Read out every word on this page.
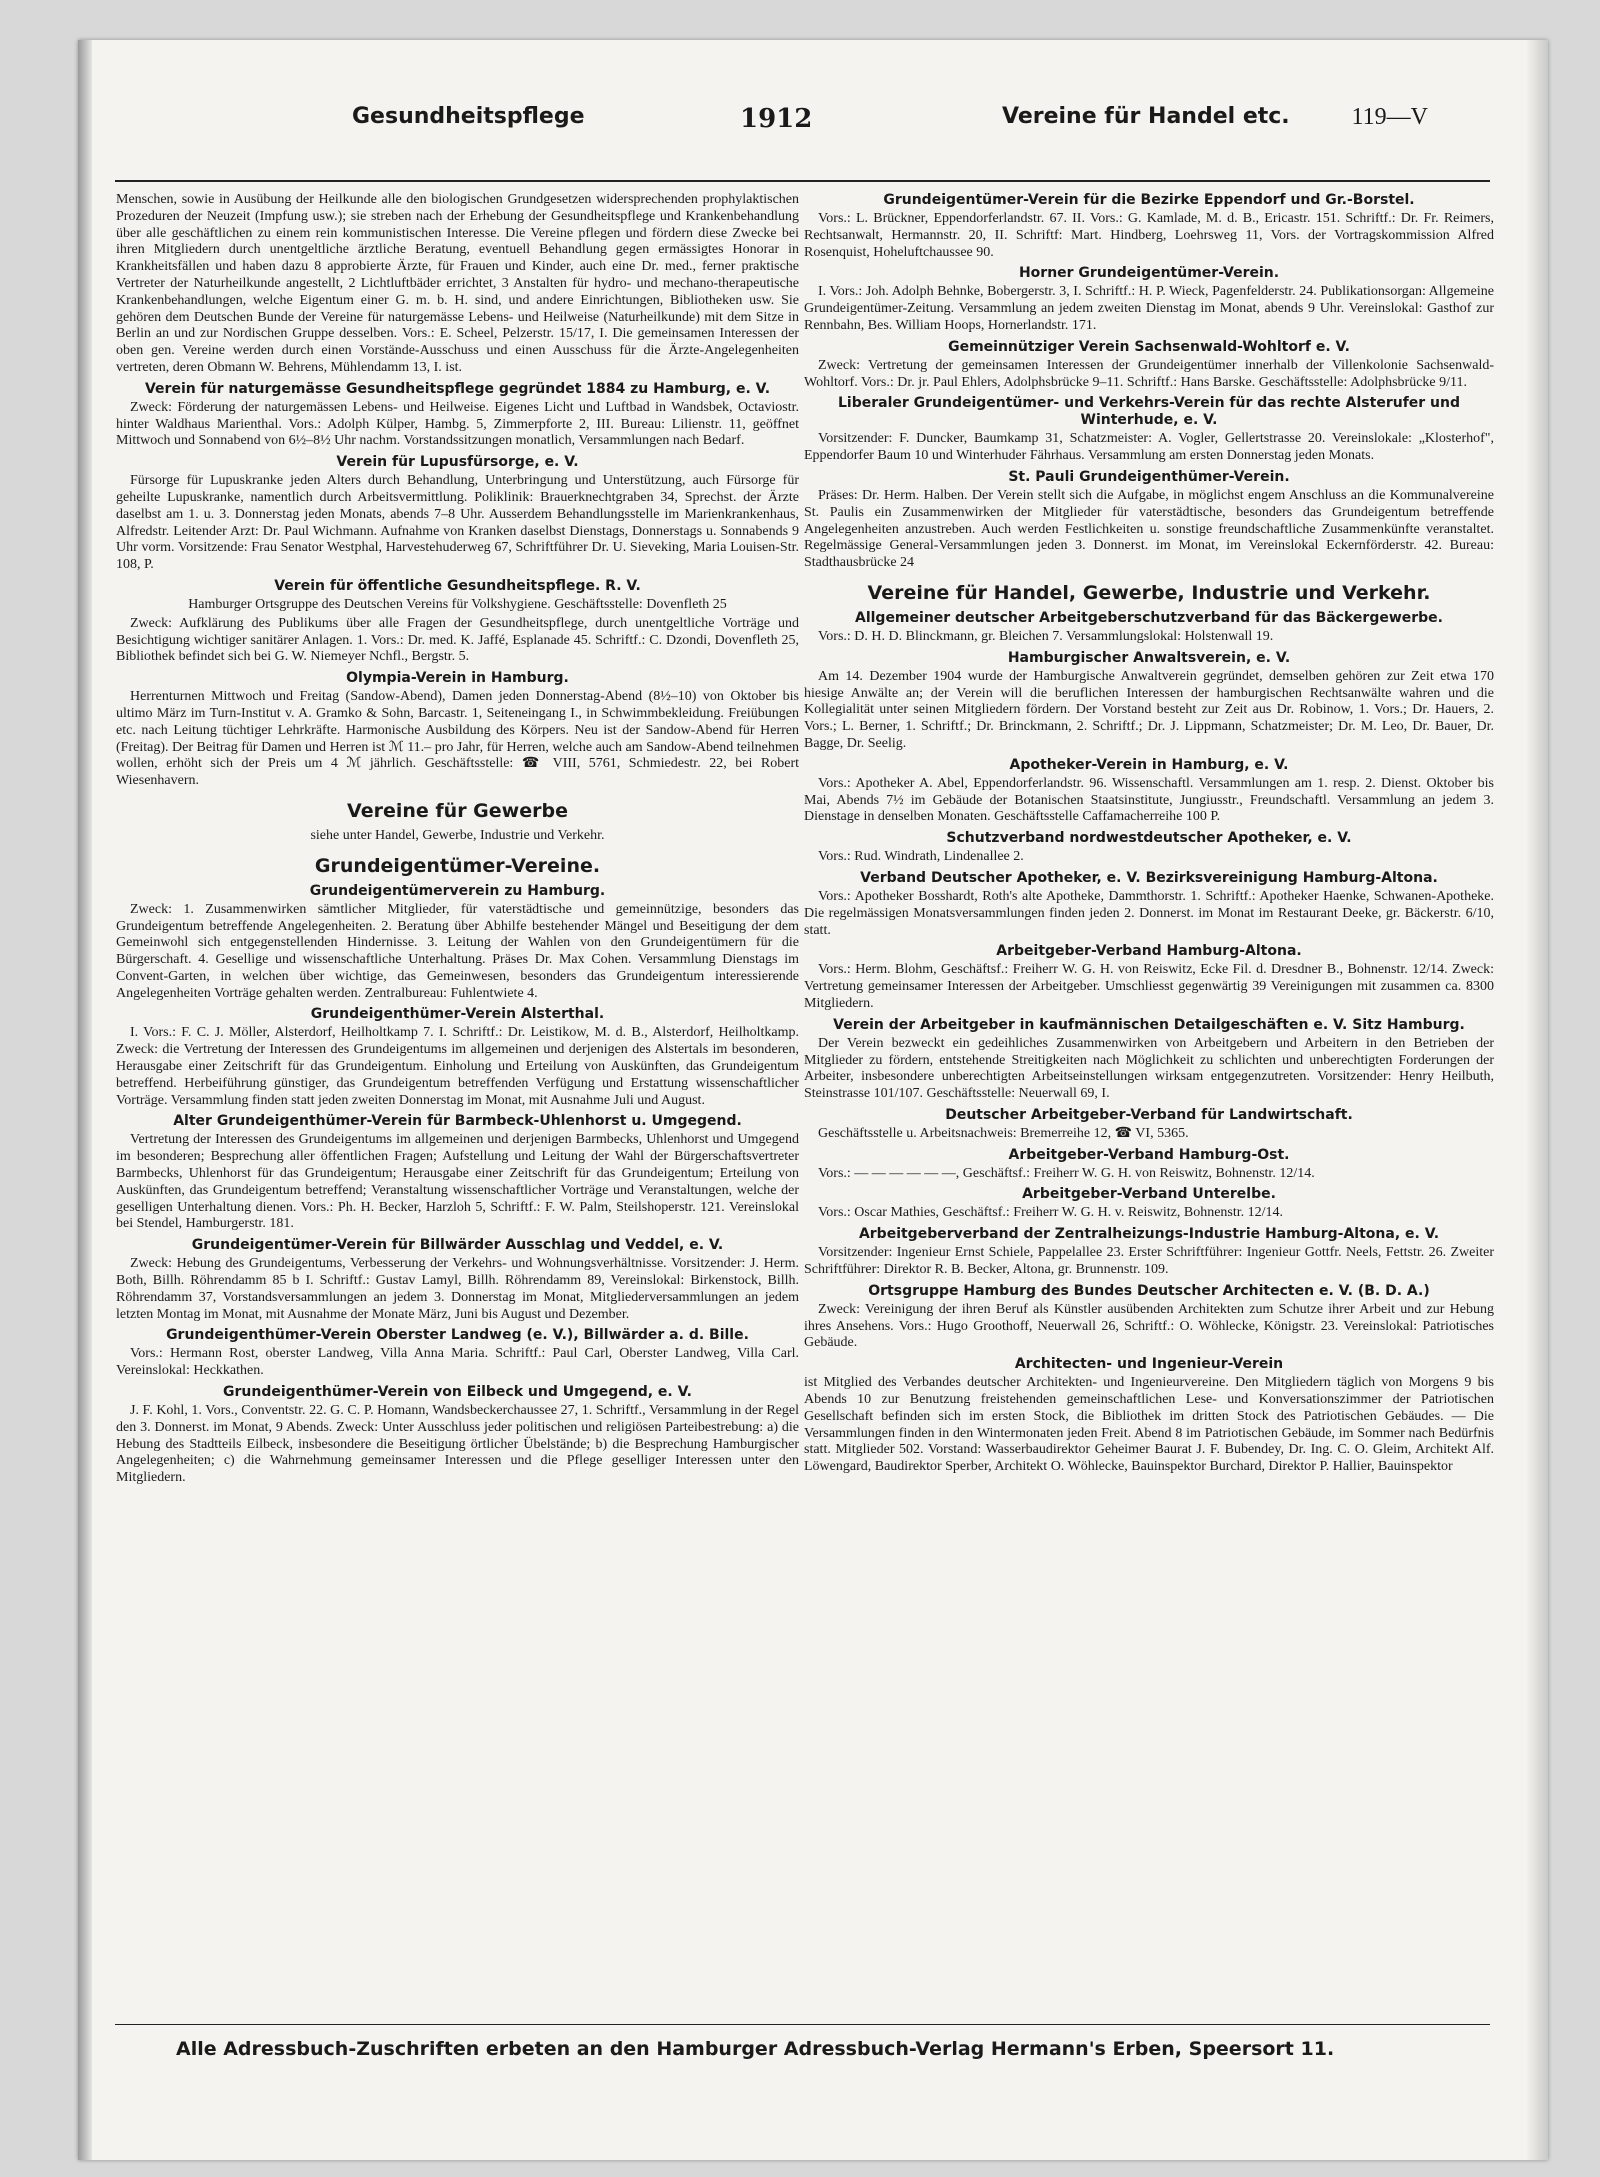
Gesundheitspflege	1912	Vereine für Handel etc.	119—V

Menschen, sowie in Ausübung der Heilkunde alle den biologischen Grundgesetzen widersprechenden prophylaktischen Prozeduren der Neuzeit (Impfung usw.); sie streben nach der Erhebung der Gesundheitspflege und Krankenbehandlung über alle geschäftlichen zu einem rein kommunistischen Interesse. Die Vereine pflegen und fördern diese Zwecke bei ihren Mitgliedern durch unentgeltliche ärztliche Beratung, eventuell Behandlung gegen ermässigtes Honorar in Krankheitsfällen und haben dazu 8 approbierte Ärzte, für Frauen und Kinder, auch eine Dr. med., ferner praktische Vertreter der Naturheilkunde angestellt, 2 Lichtluftbäder errichtet, 3 Anstalten für hydro- und mechano-therapeutische Krankenbehandlungen, welche Eigentum einer G. m. b. H. sind, und andere Einrichtungen, Bibliotheken usw. Sie gehören dem Deutschen Bunde der Vereine für naturgemässe Lebens- und Heilweise (Naturheilkunde) mit dem Sitze in Berlin an und zur Nordischen Gruppe desselben. Vors.: E. Scheel, Pelzerstr. 15/17, I. Die gemeinsamen Interessen der oben gen. Vereine werden durch einen Vorstände-Ausschuss und einen Ausschuss für die Ärzte-Angelegenheiten vertreten, deren Obmann W. Behrens, Mühlendamm 13, I. ist.

Verein für naturgemässe Gesundheitspflege gegründet 1884 zu Hamburg, e. V.

Zweck: Förderung der naturgemässen Lebens- und Heilweise. Eigenes Licht und Luftbad in Wandsbek, Octaviostr. hinter Waldhaus Marienthal. Vors.: Adolph Külper, Hambg. 5, Zimmerpforte 2, III. Bureau: Lilienstr. 11, geöffnet Mittwoch und Sonnabend von 6½–8½ Uhr nachm. Vorstandssitzungen monatlich, Versammlungen nach Bedarf.

Verein für Lupusfürsorge, e. V.

Fürsorge für Lupuskranke jeden Alters durch Behandlung, Unterbringung und Unterstützung, auch Fürsorge für geheilte Lupuskranke, namentlich durch Arbeitsvermittlung. Poliklinik: Brauerknechtgraben 34, Sprechst. der Ärzte daselbst am 1. u. 3. Donnerstag jeden Monats, abends 7–8 Uhr. Ausserdem Behandlungsstelle im Marienkrankenhaus, Alfredstr. Leitender Arzt: Dr. Paul Wichmann. Aufnahme von Kranken daselbst Dienstags, Donnerstags u. Sonnabends 9 Uhr vorm. Vorsitzende: Frau Senator Westphal, Harvestehuderweg 67, Schriftführer Dr. U. Sieveking, Maria Louisen-Str. 108, P.

Verein für öffentliche Gesundheitspflege. R. V.

Hamburger Ortsgruppe des Deutschen Vereins für Volkshygiene. Geschäftsstelle: Dovenfleth 25

Zweck: Aufklärung des Publikums über alle Fragen der Gesundheitspflege, durch unentgeltliche Vorträge und Besichtigung wichtiger sanitärer Anlagen. 1. Vors.: Dr. med. K. Jaffé, Esplanade 45. Schriftf.: C. Dzondi, Dovenfleth 25, Bibliothek befindet sich bei G. W. Niemeyer Nchfl., Bergstr. 5.

Olympia-Verein in Hamburg.

Herrenturnen Mittwoch und Freitag (Sandow-Abend), Damen jeden Donnerstag-Abend (8½–10) von Oktober bis ultimo März im Turn-Institut v. A. Gramko & Sohn, Barcastr. 1, Seiteneingang I., in Schwimmbekleidung. Freiübungen etc. nach Leitung tüchtiger Lehrkräfte. Harmonische Ausbildung des Körpers. Neu ist der Sandow-Abend für Herren (Freitag). Der Beitrag für Damen und Herren ist ℳ 11.– pro Jahr, für Herren, welche auch am Sandow-Abend teilnehmen wollen, erhöht sich der Preis um 4 ℳ jährlich. Geschäftsstelle: ☎ VIII, 5761, Schmiedestr. 22, bei Robert Wiesenhavern.

Vereine für Gewerbe

siehe unter Handel, Gewerbe, Industrie und Verkehr.

Grundeigentümer-Vereine.
Grundeigentümerverein zu Hamburg.

Zweck: 1. Zusammenwirken sämtlicher Mitglieder, für vaterstädtische und gemeinnützige, besonders das Grundeigentum betreffende Angelegenheiten. 2. Beratung über Abhilfe bestehender Mängel und Beseitigung der dem Gemeinwohl sich entgegenstellenden Hindernisse. 3. Leitung der Wahlen von den Grundeigentümern für die Bürgerschaft. 4. Gesellige und wissenschaftliche Unterhaltung. Präses Dr. Max Cohen. Versammlung Dienstags im Convent-Garten, in welchen über wichtige, das Gemeinwesen, besonders das Grundeigentum interessierende Angelegenheiten Vorträge gehalten werden. Zentralbureau: Fuhlentwiete 4.

Grundeigenthümer-Verein Alsterthal.

I. Vors.: F. C. J. Möller, Alsterdorf, Heilholtkamp 7. I. Schriftf.: Dr. Leistikow, M. d. B., Alsterdorf, Heilholtkamp. Zweck: die Vertretung der Interessen des Grundeigentums im allgemeinen und derjenigen des Alstertals im besonderen, Herausgabe einer Zeitschrift für das Grundeigentum. Einholung und Erteilung von Auskünften, das Grundeigentum betreffend. Herbeiführung günstiger, das Grundeigentum betreffenden Verfügung und Erstattung wissenschaftlicher Vorträge. Versammlung finden statt jeden zweiten Donnerstag im Monat, mit Ausnahme Juli und August.

Alter Grundeigenthümer-Verein für Barmbeck-Uhlenhorst u. Umgegend.

Vertretung der Interessen des Grundeigentums im allgemeinen und derjenigen Barmbecks, Uhlenhorst und Umgegend im besonderen; Besprechung aller öffentlichen Fragen; Aufstellung und Leitung der Wahl der Bürgerschaftsvertreter Barmbecks, Uhlenhorst für das Grundeigentum; Herausgabe einer Zeitschrift für das Grundeigentum; Erteilung von Auskünften, das Grundeigentum betreffend; Veranstaltung wissenschaftlicher Vorträge und Veranstaltungen, welche der geselligen Unterhaltung dienen. Vors.: Ph. H. Becker, Harzloh 5, Schriftf.: F. W. Palm, Steilshoperstr. 121. Vereinslokal bei Stendel, Hamburgerstr. 181.

Grundeigentümer-Verein für Billwärder Ausschlag und Veddel, e. V.

Zweck: Hebung des Grundeigentums, Verbesserung der Verkehrs- und Wohnungsverhältnisse. Vorsitzender: J. Herm. Both, Billh. Röhrendamm 85 b I. Schriftf.: Gustav Lamyl, Billh. Röhrendamm 89, Vereinslokal: Birkenstock, Billh. Röhrendamm 37, Vorstandsversammlungen an jedem 3. Donnerstag im Monat, Mitgliederversammlungen an jedem letzten Montag im Monat, mit Ausnahme der Monate März, Juni bis August und Dezember.

Grundeigenthümer-Verein Oberster Landweg (e. V.), Billwärder a. d. Bille.

Vors.: Hermann Rost, oberster Landweg, Villa Anna Maria. Schriftf.: Paul Carl, Oberster Landweg, Villa Carl. Vereinslokal: Heckkathen.

Grundeigenthümer-Verein von Eilbeck und Umgegend, e. V.

J. F. Kohl, 1. Vors., Conventstr. 22. G. C. P. Homann, Wandsbeckerchaussee 27, 1. Schriftf., Versammlung in der Regel den 3. Donnerst. im Monat, 9 Abends. Zweck: Unter Ausschluss jeder politischen und religiösen Parteibestrebung: a) die Hebung des Stadtteils Eilbeck, insbesondere die Beseitigung örtlicher Übelstände; b) die Besprechung Hamburgischer Angelegenheiten; c) die Wahrnehmung gemeinsamer Interessen und die Pflege geselliger Interessen unter den Mitgliedern.

Grundeigentümer-Verein für die Bezirke Eppendorf und Gr.-Borstel.

Vors.: L. Brückner, Eppendorferlandstr. 67. II. Vors.: G. Kamlade, M. d. B., Ericastr. 151. Schriftf.: Dr. Fr. Reimers, Rechtsanwalt, Hermannstr. 20, II. Schriftf: Mart. Hindberg, Loehrsweg 11, Vors. der Vortragskommission Alfred Rosenquist, Hoheluftchaussee 90.

Horner Grundeigentümer-Verein.

I. Vors.: Joh. Adolph Behnke, Bobergerstr. 3, I. Schriftf.: H. P. Wieck, Pagenfelderstr. 24. Publikationsorgan: Allgemeine Grundeigentümer-Zeitung. Versammlung an jedem zweiten Dienstag im Monat, abends 9 Uhr. Vereinslokal: Gasthof zur Rennbahn, Bes. William Hoops, Hornerlandstr. 171.

Gemeinnütziger Verein Sachsenwald-Wohltorf e. V.

Zweck: Vertretung der gemeinsamen Interessen der Grundeigentümer innerhalb der Villenkolonie Sachsenwald-Wohltorf. Vors.: Dr. jr. Paul Ehlers, Adolphsbrücke 9–11. Schriftf.: Hans Barske. Geschäftsstelle: Adolphsbrücke 9/11.

Liberaler Grundeigentümer- und Verkehrs-Verein für das rechte Alsterufer und Winterhude, e. V.

Vorsitzender: F. Duncker, Baumkamp 31, Schatzmeister: A. Vogler, Gellertstrasse 20. Vereinslokale: „Klosterhof", Eppendorfer Baum 10 und Winterhuder Fährhaus. Versammlung am ersten Donnerstag jeden Monats.

St. Pauli Grundeigenthümer-Verein.

Präses: Dr. Herm. Halben. Der Verein stellt sich die Aufgabe, in möglichst engem Anschluss an die Kommunalvereine St. Paulis ein Zusammenwirken der Mitglieder für vaterstädtische, besonders das Grundeigentum betreffende Angelegenheiten anzustreben. Auch werden Festlichkeiten u. sonstige freundschaftliche Zusammenkünfte veranstaltet. Regelmässige General-Versammlungen jeden 3. Donnerst. im Monat, im Vereinslokal Eckernförderstr. 42. Bureau: Stadthausbrücke 24

Vereine für Handel, Gewerbe, Industrie und Verkehr.
Allgemeiner deutscher Arbeitgeberschutzverband für das Bäckergewerbe.

Vors.: D. H. D. Blinckmann, gr. Bleichen 7. Versammlungslokal: Holstenwall 19.

Hamburgischer Anwaltsverein, e. V.

Am 14. Dezember 1904 wurde der Hamburgische Anwaltverein gegründet, demselben gehören zur Zeit etwa 170 hiesige Anwälte an; der Verein will die beruflichen Interessen der hamburgischen Rechtsanwälte wahren und die Kollegialität unter seinen Mitgliedern fördern. Der Vorstand besteht zur Zeit aus Dr. Robinow, 1. Vors.; Dr. Hauers, 2. Vors.; L. Berner, 1. Schriftf.; Dr. Brinckmann, 2. Schriftf.; Dr. J. Lippmann, Schatzmeister; Dr. M. Leo, Dr. Bauer, Dr. Bagge, Dr. Seelig.

Apotheker-Verein in Hamburg, e. V.

Vors.: Apotheker A. Abel, Eppendorferlandstr. 96. Wissenschaftl. Versammlungen am 1. resp. 2. Dienst. Oktober bis Mai, Abends 7½ im Gebäude der Botanischen Staatsinstitute, Jungiusstr., Freundschaftl. Versammlung an jedem 3. Dienstage in denselben Monaten. Geschäftsstelle Caffamacherreihe 100 P.

Schutzverband nordwestdeutscher Apotheker, e. V.

Vors.: Rud. Windrath, Lindenallee 2.

Verband Deutscher Apotheker, e. V. Bezirksvereinigung Hamburg-Altona.

Vors.: Apotheker Bosshardt, Roth's alte Apotheke, Dammthorstr. 1. Schriftf.: Apotheker Haenke, Schwanen-Apotheke. Die regelmässigen Monatsversammlungen finden jeden 2. Donnerst. im Monat im Restaurant Deeke, gr. Bäckerstr. 6/10, statt.

Arbeitgeber-Verband Hamburg-Altona.

Vors.: Herm. Blohm, Geschäftsf.: Freiherr W. G. H. von Reiswitz, Ecke Fil. d. Dresdner B., Bohnenstr. 12/14. Zweck: Vertretung gemeinsamer Interessen der Arbeitgeber. Umschliesst gegenwärtig 39 Vereinigungen mit zusammen ca. 8300 Mitgliedern.

Verein der Arbeitgeber in kaufmännischen Detailgeschäften e. V. Sitz Hamburg.

Der Verein bezweckt ein gedeihliches Zusammenwirken von Arbeitgebern und Arbeitern in den Betrieben der Mitglieder zu fördern, entstehende Streitigkeiten nach Möglichkeit zu schlichten und unberechtigten Forderungen der Arbeiter, insbesondere unberechtigten Arbeitseinstellungen wirksam entgegenzutreten. Vorsitzender: Henry Heilbuth, Steinstrasse 101/107. Geschäftsstelle: Neuerwall 69, I.

Deutscher Arbeitgeber-Verband für Landwirtschaft.

Geschäftsstelle u. Arbeitsnachweis: Bremerreihe 12, ☎ VI, 5365.

Arbeitgeber-Verband Hamburg-Ost.

Vors.: — — — — — —, Geschäftsf.: Freiherr W. G. H. von Reiswitz, Bohnenstr. 12/14.

Arbeitgeber-Verband Unterelbe.

Vors.: Oscar Mathies, Geschäftsf.: Freiherr W. G. H. v. Reiswitz, Bohnenstr. 12/14.

Arbeitgeberverband der Zentralheizungs-Industrie Hamburg-Altona, e. V.

Vorsitzender: Ingenieur Ernst Schiele, Pappelallee 23. Erster Schriftführer: Ingenieur Gottfr. Neels, Fettstr. 26. Zweiter Schriftführer: Direktor R. B. Becker, Altona, gr. Brunnenstr. 109.

Ortsgruppe Hamburg des Bundes Deutscher Architecten e. V. (B. D. A.)

Zweck: Vereinigung der ihren Beruf als Künstler ausübenden Architekten zum Schutze ihrer Arbeit und zur Hebung ihres Ansehens. Vors.: Hugo Groothoff, Neuerwall 26, Schriftf.: O. Wöhlecke, Königstr. 23. Vereinslokal: Patriotisches Gebäude.

Architecten- und Ingenieur-Verein

ist Mitglied des Verbandes deutscher Architekten- und Ingenieurvereine. Den Mitgliedern täglich von Morgens 9 bis Abends 10 zur Benutzung freistehenden gemeinschaftlichen Lese- und Konversationszimmer der Patriotischen Gesellschaft befinden sich im ersten Stock, die Bibliothek im dritten Stock des Patriotischen Gebäudes. — Die Versammlungen finden in den Wintermonaten jeden Freit. Abend 8 im Patriotischen Gebäude, im Sommer nach Bedürfnis statt. Mitglieder 502. Vorstand: Wasserbaudirektor Geheimer Baurat J. F. Bubendey, Dr. Ing. C. O. Gleim, Architekt Alf. Löwengard, Baudirektor Sperber, Architekt O. Wöhlecke, Bauinspektor Burchard, Direktor P. Hallier, Bauinspektor

Alle Adressbuch-Zuschriften erbeten an den Hamburger Adressbuch-Verlag Hermann's Erben, Speersort 11.
